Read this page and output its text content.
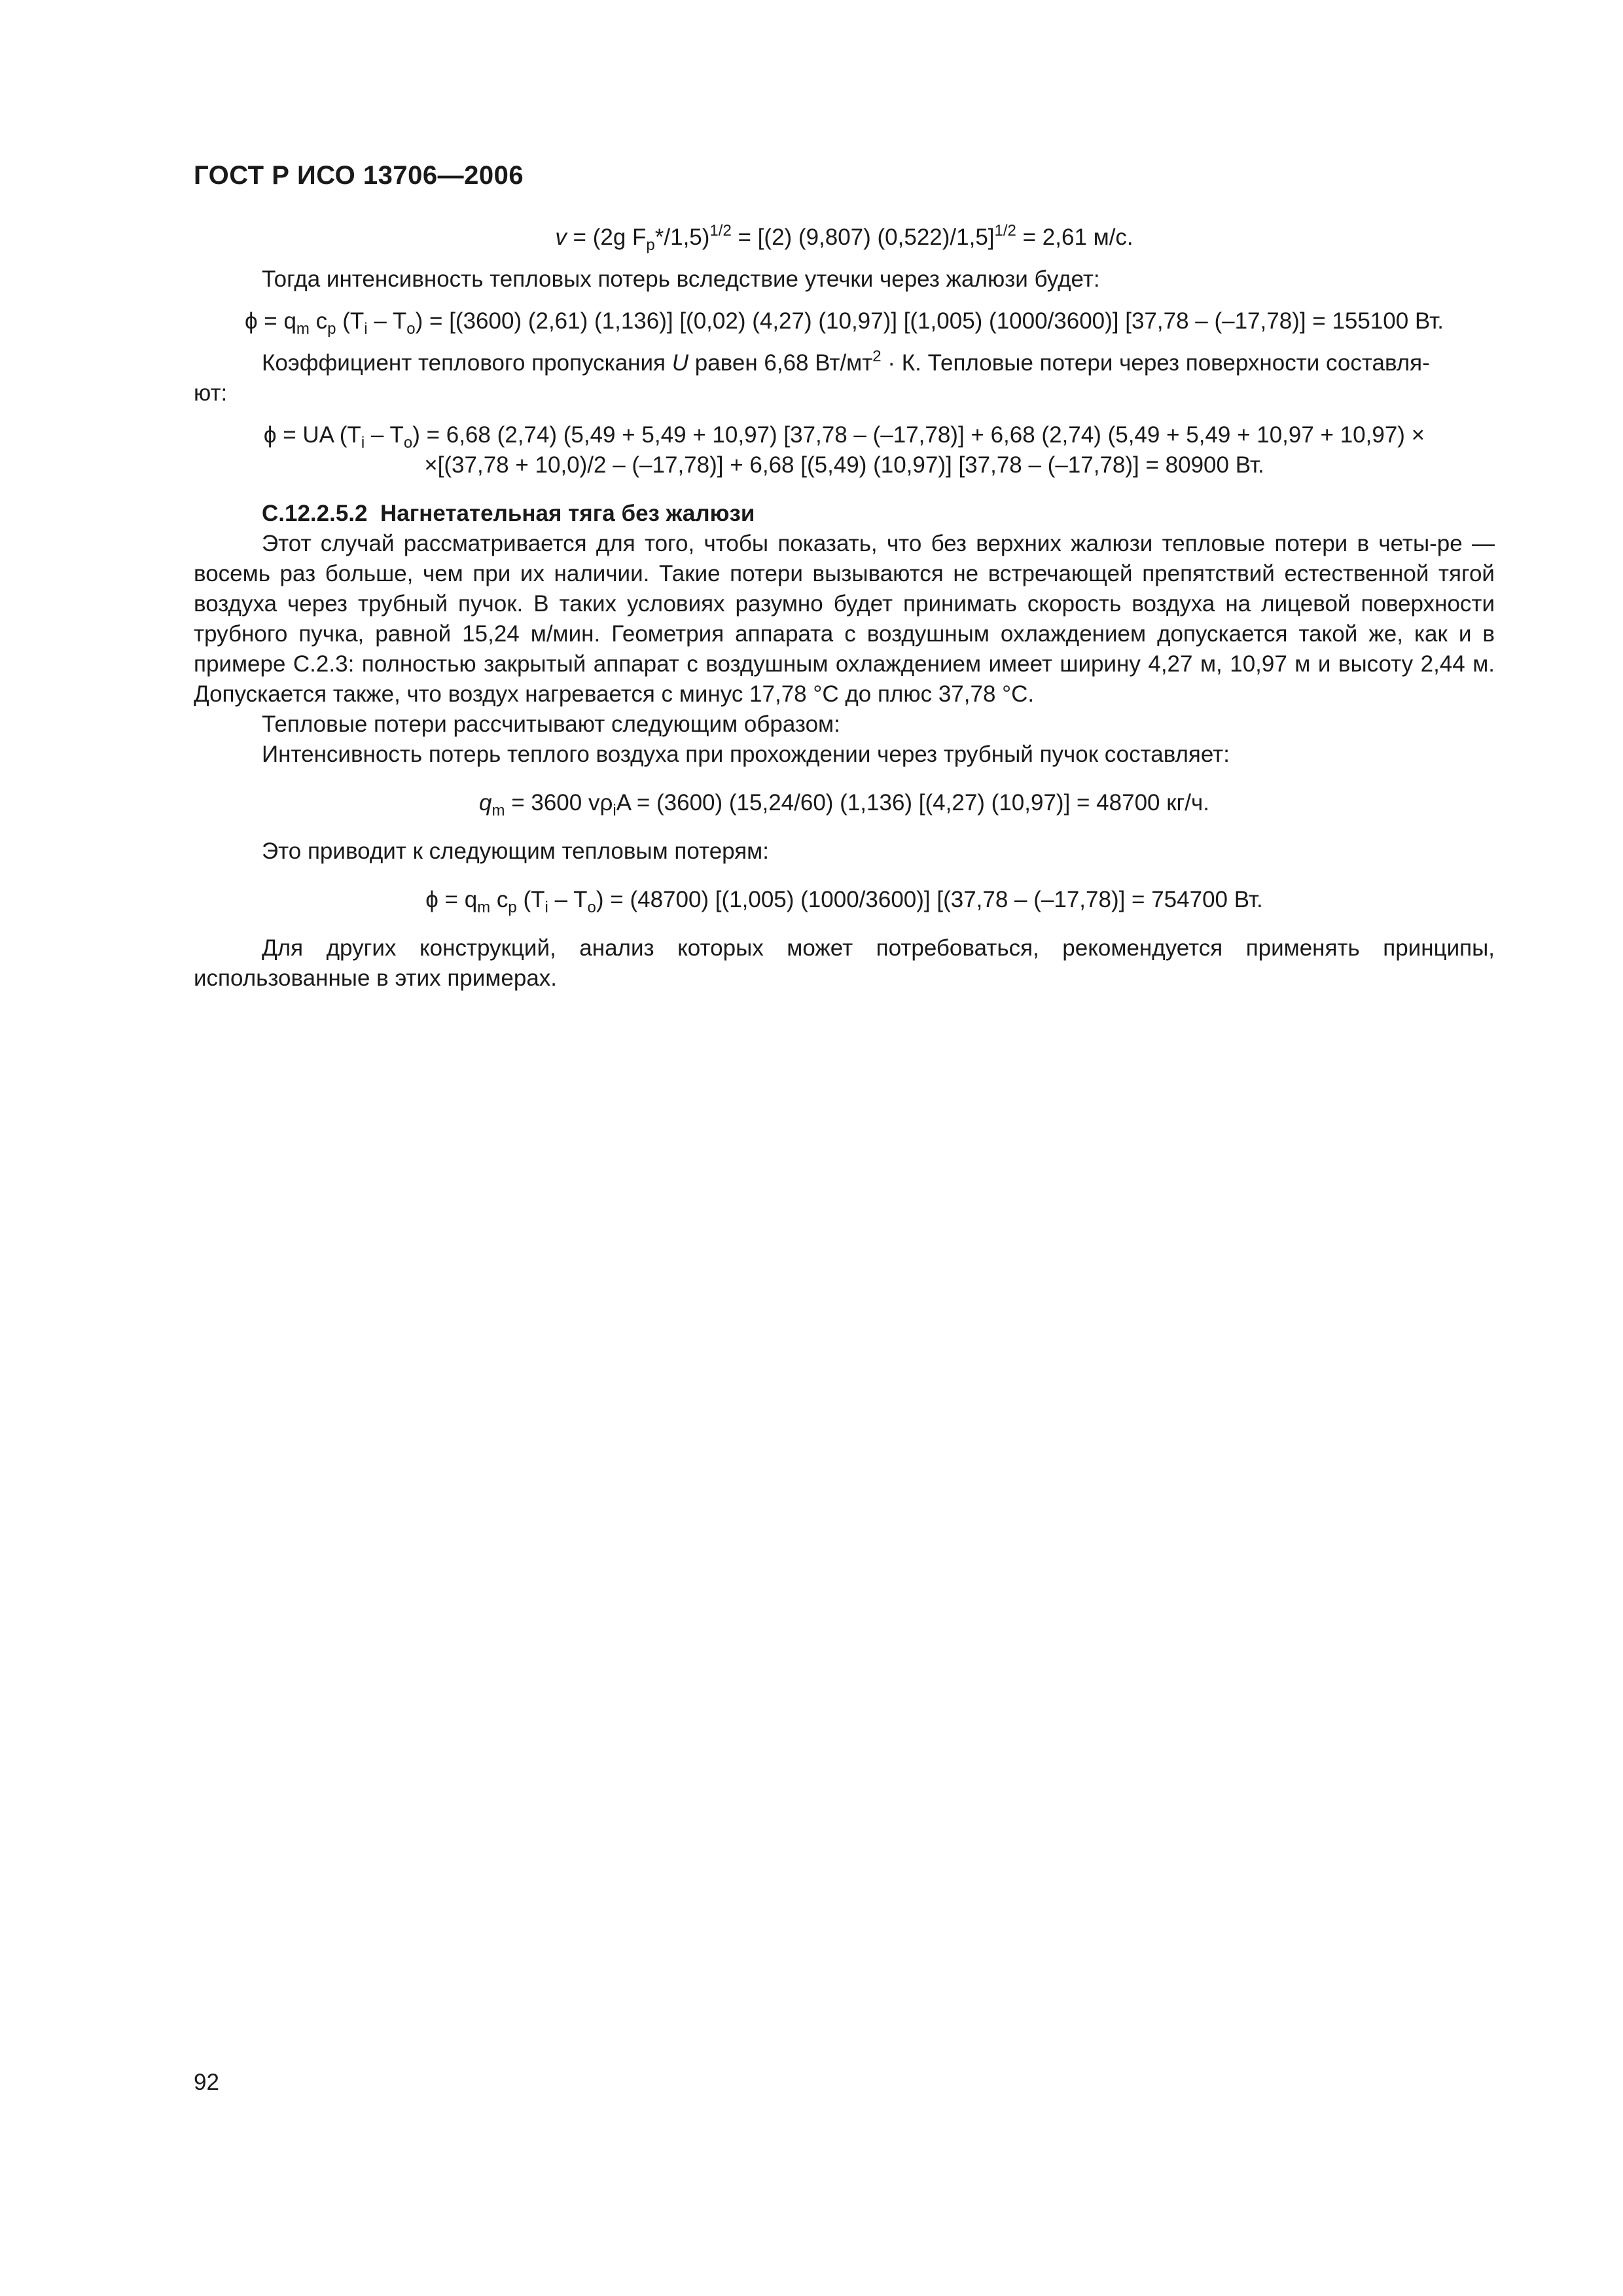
ГОСТ Р ИСО 13706—2006
v = (2g $F_p*/1,5)^{1/2} = [(2)$ (9,807) (0,522)/1,5]$^{1/2}$ = 2,61 м/с.
Тогда интенсивность тепловых потерь вследствие утечки через жалюзи будет:
$\phi = q_m$ $c_p$ $(T_i - T_o) = [(3600)$ (2,61) (1,136)] [(0,02) (4,27) (10,97)] [(1,005) (1000/3600)] [37,78 – (–17,78)] = 155100 Вт.
Коэффициент теплового пропускания U равен 6,68 $Вт/мт^2 \cdot К$. Тепловые потери через поверхности составля-
ют:
ϕ = UA $(T_i - T_o) = 6,68$ (2,74) (5,49 + 5,49 + 10,97) [37,78 – (–17,78)] + 6,68 (2,74) (5,49 + 5,49 + 10,97 + 10,97) ×
×[(37,78 + 10,0)/2 – (–17,78)] + 6,68 [(5,49) (10,97)] [37,78 – (–17,78)] = 80900 Вт.
С.12.2.5.2 Нагнетательная тяга без жалюзи
Этот случай рассматривается для того, чтобы показать, что без верхних жалюзи тепловые потери в четы-ре — восемь раз больше, чем при их наличии. Такие потери вызываются не встречающей препятствий естественной тягой воздуха через трубный пучок. В таких условиях разумно будет принимать скорость воздуха на лицевой поверхности трубного пучка, равной 15,24 м/мин. Геометрия аппарата с воздушным охлаждением допускается такой же, как и в примере С.2.3: полностью закрытый аппарат с воздушным охлаждением имеет ширину 4,27 м, 10,97 м и высоту 2,44 м. Допускается также, что воздух нагревается с минус 17,78 °С до плюс 37,78 °С.
Тепловые потери рассчитывают следующим образом:
Интенсивность потерь теплого воздуха при прохождении через трубный пучок составляет:
$q_m = 3600$ $v\rho_iA = (3600)$ (15,24/60) (1,136) [(4,27) (10,97)] = 48700 кг/ч.
Это приводит к следующим тепловым потерям:
$\phi = q_m$ $c_p$ $(T_i - T_o) = (48700)$ [(1,005) (1000/3600)] [(37,78 – (–17,78)] = 754700 Вт.
Для других конструкций, анализ которых может потребоваться, рекомендуется применять принципы, использованные в этих примерах.
92
